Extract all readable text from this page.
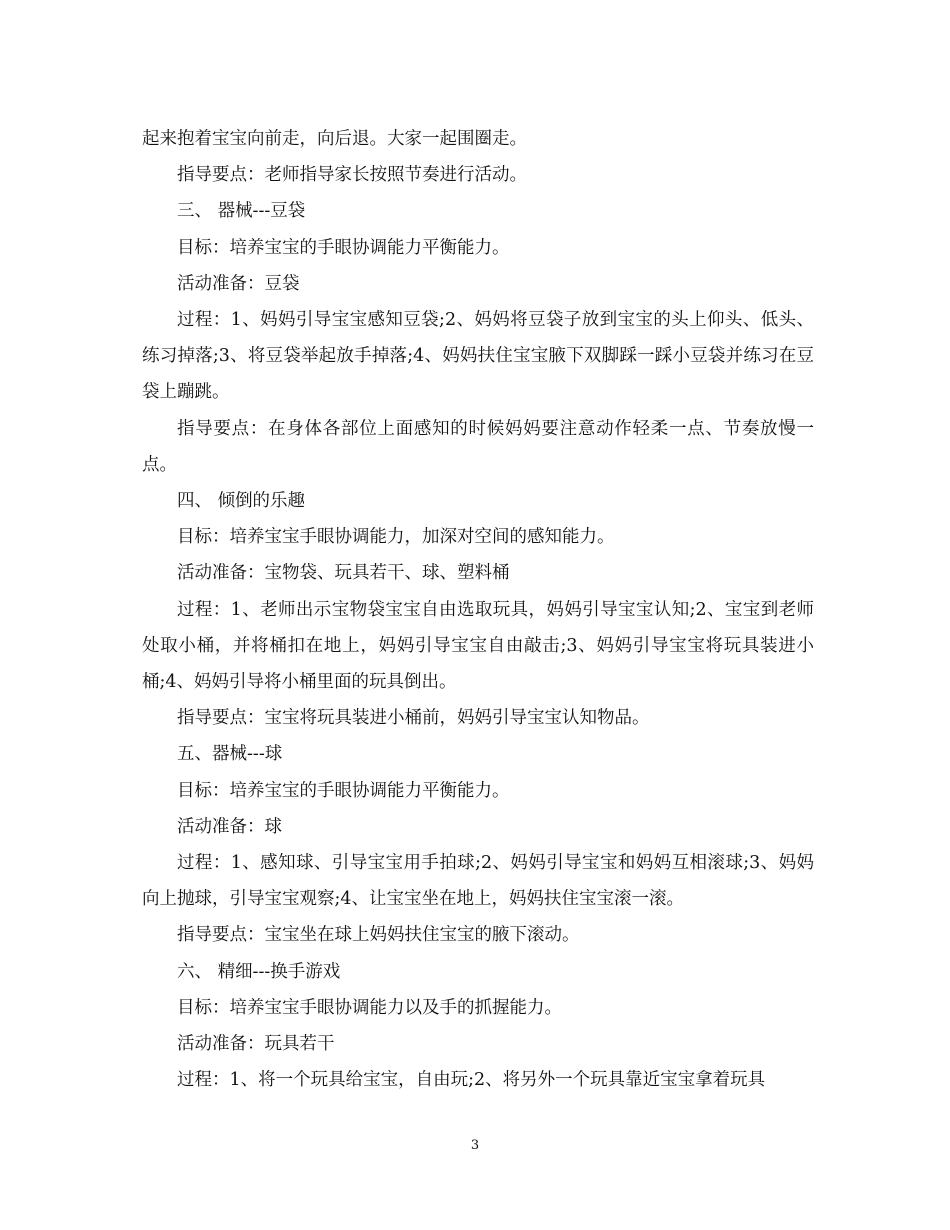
起来抱着宝宝向前走，向后退。大家一起围圈走。

指导要点：老师指导家长按照节奏进行活动。

三、 器械---豆袋

目标：培养宝宝的手眼协调能力平衡能力。

活动准备：豆袋

过程：1、妈妈引导宝宝感知豆袋;2、妈妈将豆袋子放到宝宝的头上仰头、低头、练习掉落;3、将豆袋举起放手掉落;4、妈妈扶住宝宝腋下双脚踩一踩小豆袋并练习在豆袋上蹦跳。

指导要点：在身体各部位上面感知的时候妈妈要注意动作轻柔一点、节奏放慢一点。

四、 倾倒的乐趣

目标：培养宝宝手眼协调能力，加深对空间的感知能力。

活动准备：宝物袋、玩具若干、球、塑料桶

过程：1、老师出示宝物袋宝宝自由选取玩具，妈妈引导宝宝认知;2、宝宝到老师处取小桶，并将桶扣在地上，妈妈引导宝宝自由敲击;3、妈妈引导宝宝将玩具装进小桶;4、妈妈引导将小桶里面的玩具倒出。

指导要点：宝宝将玩具装进小桶前，妈妈引导宝宝认知物品。

五、器械---球

目标：培养宝宝的手眼协调能力平衡能力。

活动准备：球

过程：1、感知球、引导宝宝用手拍球;2、妈妈引导宝宝和妈妈互相滚球;3、妈妈向上抛球，引导宝宝观察;4、让宝宝坐在地上，妈妈扶住宝宝滚一滚。

指导要点：宝宝坐在球上妈妈扶住宝宝的腋下滚动。

六、 精细---换手游戏

目标：培养宝宝手眼协调能力以及手的抓握能力。

活动准备：玩具若干

过程：1、将一个玩具给宝宝，自由玩;2、将另外一个玩具靠近宝宝拿着玩具

3
